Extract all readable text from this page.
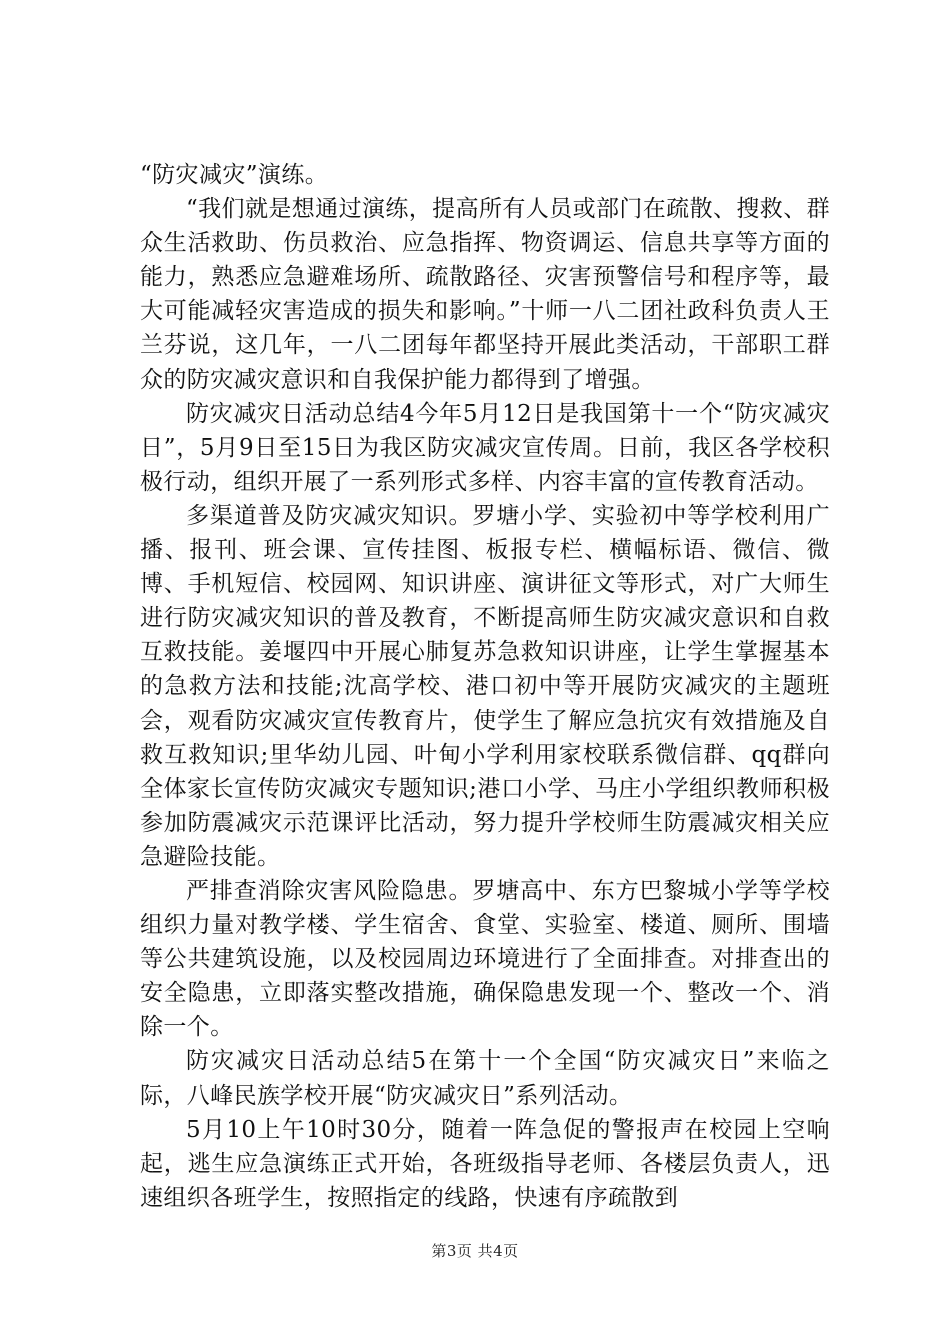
“防灾减灾”演练。

“我们就是想通过演练，提高所有人员或部门在疏散、搜救、群众生活救助、伤员救治、应急指挥、物资调运、信息共享等方面的能力，熟悉应急避难场所、疏散路径、灾害预警信号和程序等，最大可能减轻灾害造成的损失和影响。”十师一八二团社政科负责人王兰芬说，这几年，一八二团每年都坚持开展此类活动，干部职工群众的防灾减灾意识和自我保护能力都得到了增强。

防灾减灾日活动总结4今年5月12日是我国第十一个“防灾减灾日”，5月9日至15日为我区防灾减灾宣传周。日前，我区各学校积极行动，组织开展了一系列形式多样、内容丰富的宣传教育活动。

多渠道普及防灾减灾知识。罗塘小学、实验初中等学校利用广播、报刊、班会课、宣传挂图、板报专栏、横幅标语、微信、微博、手机短信、校园网、知识讲座、演讲征文等形式，对广大师生进行防灾减灾知识的普及教育，不断提高师生防灾减灾意识和自救互救技能。姜堰四中开展心肺复苏急救知识讲座，让学生掌握基本的急救方法和技能;沈高学校、港口初中等开展防灾减灾的主题班会，观看防灾减灾宣传教育片，使学生了解应急抗灾有效措施及自救互救知识;里华幼儿园、叶甸小学利用家校联系微信群、qq群向全体家长宣传防灾减灾专题知识;港口小学、马庄小学组织教师积极参加防震减灾示范课评比活动，努力提升学校师生防震减灾相关应急避险技能。

严排查消除灾害风险隐患。罗塘高中、东方巴黎城小学等学校组织力量对教学楼、学生宿舍、食堂、实验室、楼道、厕所、围墙等公共建筑设施，以及校园周边环境进行了全面排查。对排查出的安全隐患，立即落实整改措施，确保隐患发现一个、整改一个、消除一个。

防灾减灾日活动总结5在第十一个全国“防灾减灾日”来临之际，八峰民族学校开展“防灾减灾日”系列活动。

5月10上午10时30分，随着一阵急促的警报声在校园上空响起，逃生应急演练正式开始，各班级指导老师、各楼层负责人，迅速组织各班学生，按照指定的线路，快速有序疏散到

第3页 共4页
